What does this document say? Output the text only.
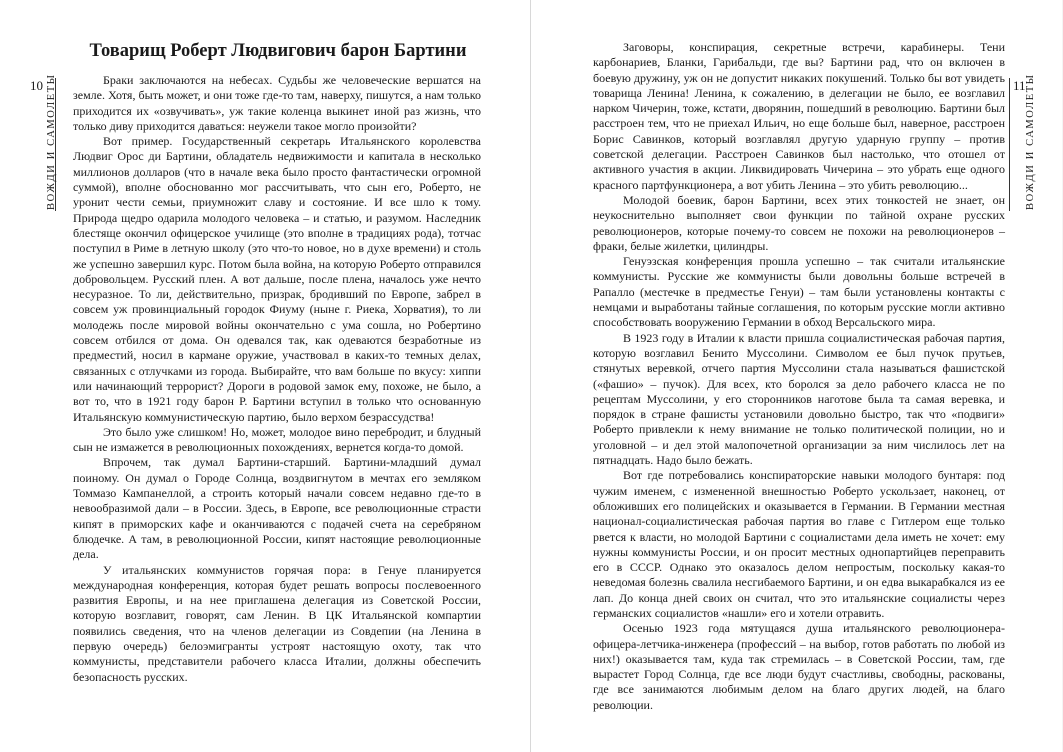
Товарищ Роберт Людвигович барон Бартини
10 ВОЖДИ И САМОЛЕТЫ	Браки заключаются на небесах. Судьбы же человеческие вершатся на земле. Хотя, быть может, и они тоже где-то там, наверху, пишутся, а нам только приходится их «озвучивать», уж такие коленца выкинет иной раз жизнь, что только диву приходится даваться: неужели такое могло произойти?

Вот пример. Государственный секретарь Итальянского королевства Людвиг Орос ди Бартини, обладатель недвижимости и капитала в несколько миллионов долларов (что в начале века было просто фантастически огромной суммой), вполне обоснованно мог рассчитывать, что сын его, Роберто, не уронит чести семьи, приумножит славу и состояние. И все шло к тому. Природа щедро одарила молодого человека – и статью, и разумом. Наследник блестяще окончил офицерское училище (это вполне в традициях рода), тотчас поступил в Риме в летную школу (это что-то новое, но в духе времени) и столь же успешно завершил курс. Потом была война, на которую Роберто отправился добровольцем. Русский плен. А вот дальше, после плена, началось уже нечто несуразное. То ли, действительно, призрак, бродивший по Европе, забрел в совсем уж провинциальный городок Фиуму (ныне г. Риека, Хорватия), то ли молодежь после мировой войны окончательно с ума сошла, но Робертино совсем отбился от дома. Он одевался так, как одеваются безработные из предместий, носил в кармане оружие, участвовал в каких-то темных делах, связанных с отлучками из города. Выбирайте, что вам больше по вкусу: хиппи или начинающий террорист? Дороги в родовой замок ему, похоже, не было, а вот то, что в 1921 году барон Р. Бартини вступил в только что основанную Итальянскую коммунистическую партию, было верхом безрассудства!

Это было уже слишком! Но, может, молодое вино перебродит, и блудный сын не измажется в революционных похождениях, вернется когда-то домой.

Впрочем, так думал Бартини-старший. Бартини-младший думал поиному. Он думал о Городе Солнца, воздвигнутом в мечтах его земляком Томмазо Кампанеллой, а строить который начали совсем недавно где-то в невообразимой дали – в России. Здесь, в Европе, все революционные страсти кипят в приморских кафе и оканчиваются с подачей счета на серебряном блюдечке. А там, в революционной России, кипят настоящие революционные дела.

У итальянских коммунистов горячая пора: в Генуе планируется международная конференция, которая будет решать вопросы послевоенного развития Европы, и на нее приглашена делегация из Советской России, которую возглавит, говорят, сам Ленин. В ЦК Итальянской компартии появились сведения, что на членов делегации из Совдепии (на Ленина в первую очередь) белоэмигранты устроят настоящую охоту, так что коммунисты, представители рабочего класса Италии, должны обеспечить безопасность русских.

11 ВОЖДИ И САМОЛЕТЫ

Заговоры, конспирация, секретные встречи, карабинеры. Тени карбонариев, Бланки, Гарибальди, где вы? Бартини рад, что он включен в боевую дружину, уж он не допустит никаких покушений. Только бы вот увидеть товарища Ленина! Ленина, к сожалению, в делегации не было, ее возглавил нарком Чичерин, тоже, кстати, дворянин, пошедший в революцию. Бартини был расстроен тем, что не приехал Ильич, но еще больше был, наверное, расстроен Борис Савинков, который возглавлял другую ударную группу – против советской делегации. Расстроен Савинков был настолько, что отошел от активного участия в акции. Ликвидировать Чичерина – это убрать еще одного красного партфункционера, а вот убить Ленина – это убить революцию...

Молодой боевик, барон Бартини, всех этих тонкостей не знает, он неукоснительно выполняет свои функции по тайной охране русских революционеров, которые почему-то совсем не похожи на революционеров – фраки, белые жилетки, цилиндры.

Генуэзская конференция прошла успешно – так считали итальянские коммунисты. Русские же коммунисты были довольны больше встречей в Рапалло (местечке в предместье Генуи) – там были установлены контакты с немцами и выработаны тайные соглашения, по которым русские могли активно способствовать вооружению Германии в обход Версальского мира.

В 1923 году в Италии к власти пришла социалистическая рабочая партия, которую возглавил Бенито Муссолини. Символом ее был пучок прутьев, стянутых веревкой, отчего партия Муссолини стала называться фашистской («фашио» – пучок). Для всех, кто боролся за дело рабочего класса не по рецептам Муссолини, у его сторонников наготове была та самая веревка, и порядок в стране фашисты установили довольно быстро, так что «подвиги» Роберто привлекли к нему внимание не только политической полиции, но и уголовной – и дел этой малопочетной организации за ним числилось лет на пятнадцать. Надо было бежать.

Вот где потребовались конспираторские навыки молодого бунтаря: под чужим именем, с измененной внешностью Роберто ускользает, наконец, от обложивших его полицейских и оказывается в Германии. В Германии местная национал-социалистическая рабочая партия во главе с Гитлером еще только рвется к власти, но молодой Бартини с социалистами дела иметь не хочет: ему нужны коммунисты России, и он просит местных однопартийцев переправить его в СССР. Однако это оказалось делом непростым, поскольку какая-то неведомая болезнь свалила несгибаемого Бартини, и он едва выкарабкался из ее лап. До конца дней своих он считал, что это итальянские социалисты через германских социалистов «нашли» его и хотели отравить.

Осенью 1923 года мятущаяся душа итальянского революционера-офицера-летчика-инженера (профессий – на выбор, готов работать по любой из них!) оказывается там, куда так стремилась – в Советской России, там, где вырастет Город Солнца, где все люди будут счастливы, свободны, раскованы, где все занимаются любимым делом на благо других людей, на благо революции.
